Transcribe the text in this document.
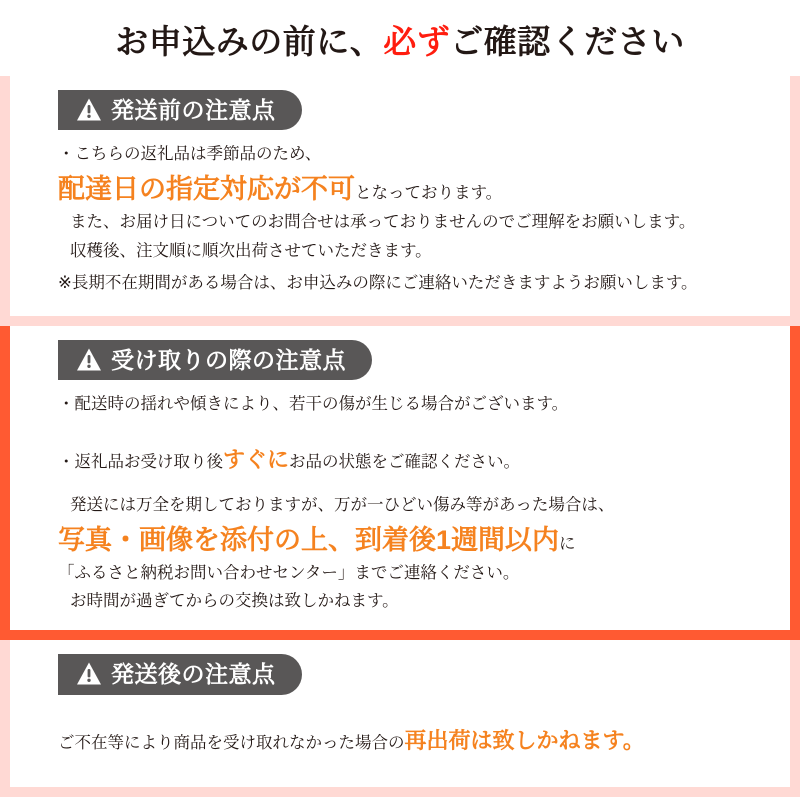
お申込みの前に、必ずご確認ください
発送前の注意点

・こちらの返礼品は季節品のため、

配達日の指定対応が不可となっております。

また、お届け日についてのお問合せは承っておりませんのでご理解をお願いします。

収穫後、注文順に順次出荷させていただきます。

※長期不在期間がある場合は、お申込みの際にご連絡いただきますようお願いします。

受け取りの際の注意点

・配送時の揺れや傾きにより、若干の傷が生じる場合がございます。

・返礼品お受け取り後すぐにお品の状態をご確認ください。

発送には万全を期しておりますが、万が一ひどい傷み等があった場合は、

写真・画像を添付の上、到着後1週間以内に

「ふるさと納税お問い合わせセンター」までご連絡ください。

お時間が過ぎてからの交換は致しかねます。

発送後の注意点

ご不在等により商品を受け取れなかった場合の再出荷は致しかねます。
